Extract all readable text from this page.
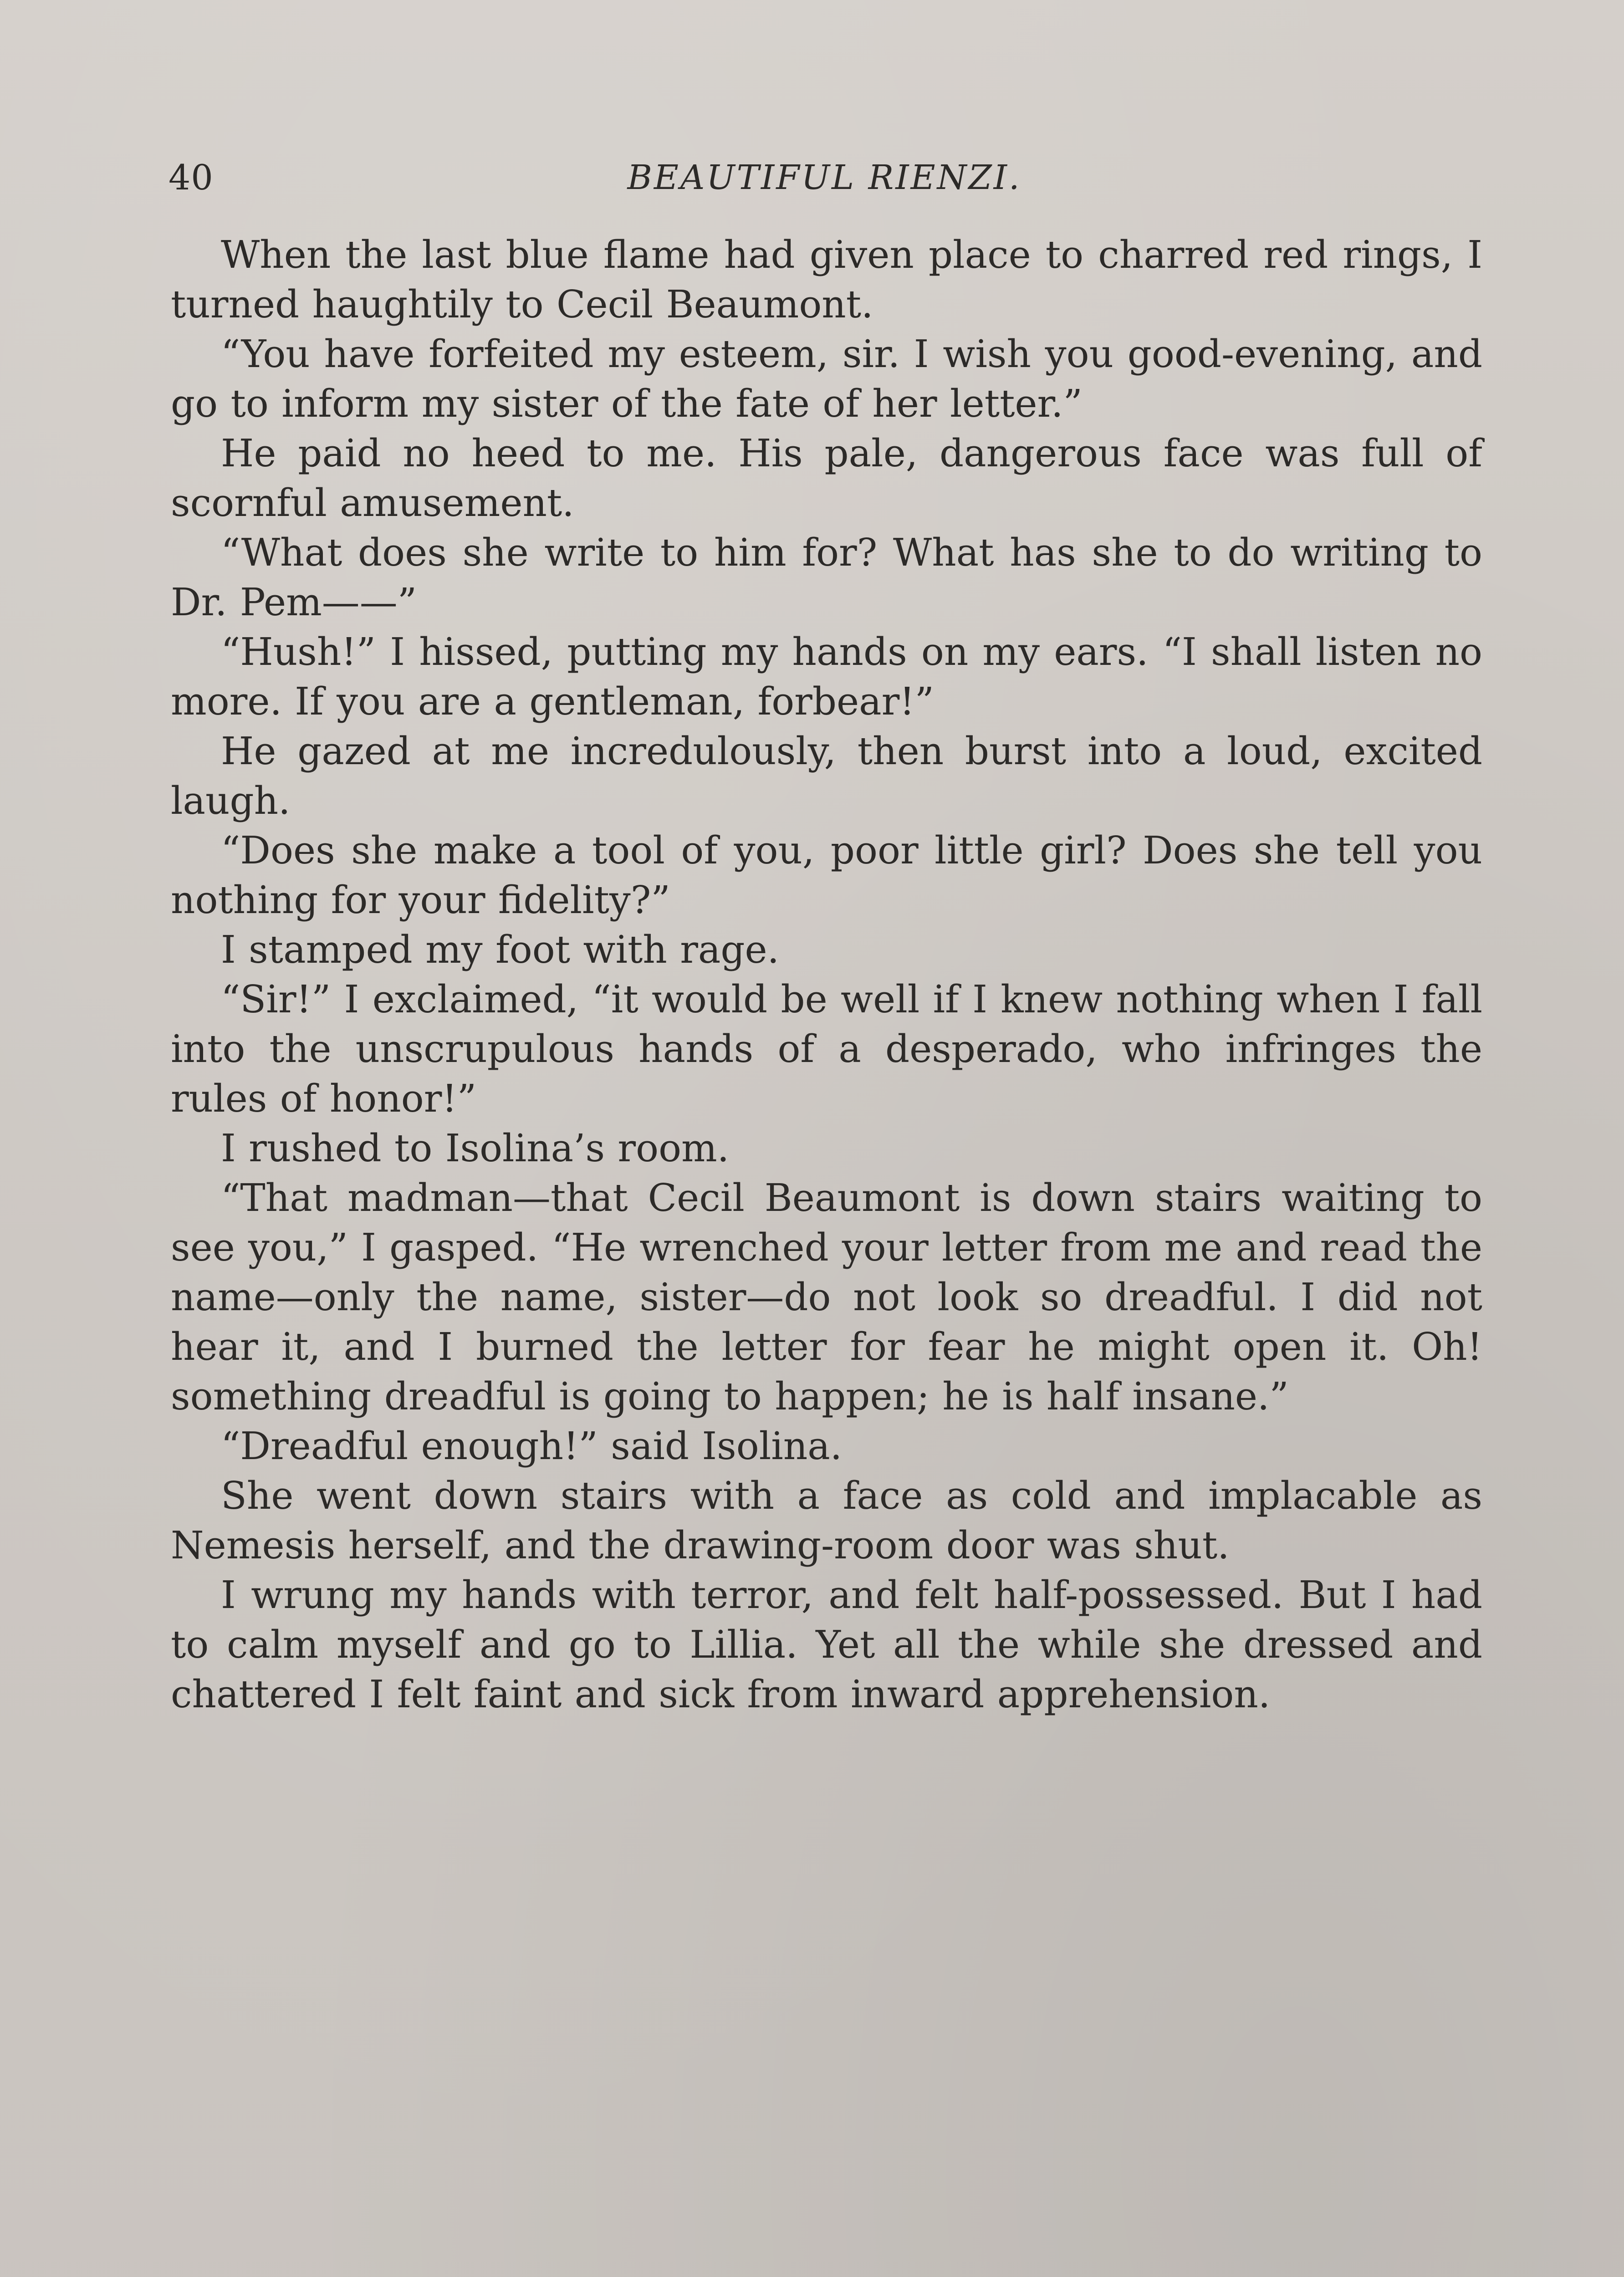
40	BEAUTIFUL RIENZI.

When the last blue flame had given place to charred red rings, I turned haughtily to Cecil Beaumont.

“You have forfeited my esteem, sir. I wish you good-evening, and go to inform my sister of the fate of her letter.”

He paid no heed to me. His pale, dangerous face was full of scornful amusement.

“What does she write to him for? What has she to do writing to Dr. Pem——”

“Hush!” I hissed, putting my hands on my ears. “I shall listen no more. If you are a gentleman, forbear!”

He gazed at me incredulously, then burst into a loud, excited laugh.

“Does she make a tool of you, poor little girl? Does she tell you nothing for your fidelity?”

I stamped my foot with rage.

“Sir!” I exclaimed, “it would be well if I knew nothing when I fall into the unscrupulous hands of a desperado, who infringes the rules of honor!”

I rushed to Isolina’s room.

“That madman—that Cecil Beaumont is down stairs waiting to see you,” I gasped. “He wrenched your letter from me and read the name—only the name, sister—do not look so dreadful. I did not hear it, and I burned the letter for fear he might open it. Oh! something dreadful is going to happen; he is half insane.”

“Dreadful enough!” said Isolina.

She went down stairs with a face as cold and implacable as Nemesis herself, and the drawing-room door was shut.

I wrung my hands with terror, and felt half-possessed. But I had to calm myself and go to Lillia. Yet all the while she dressed and chattered I felt faint and sick from inward apprehension.
